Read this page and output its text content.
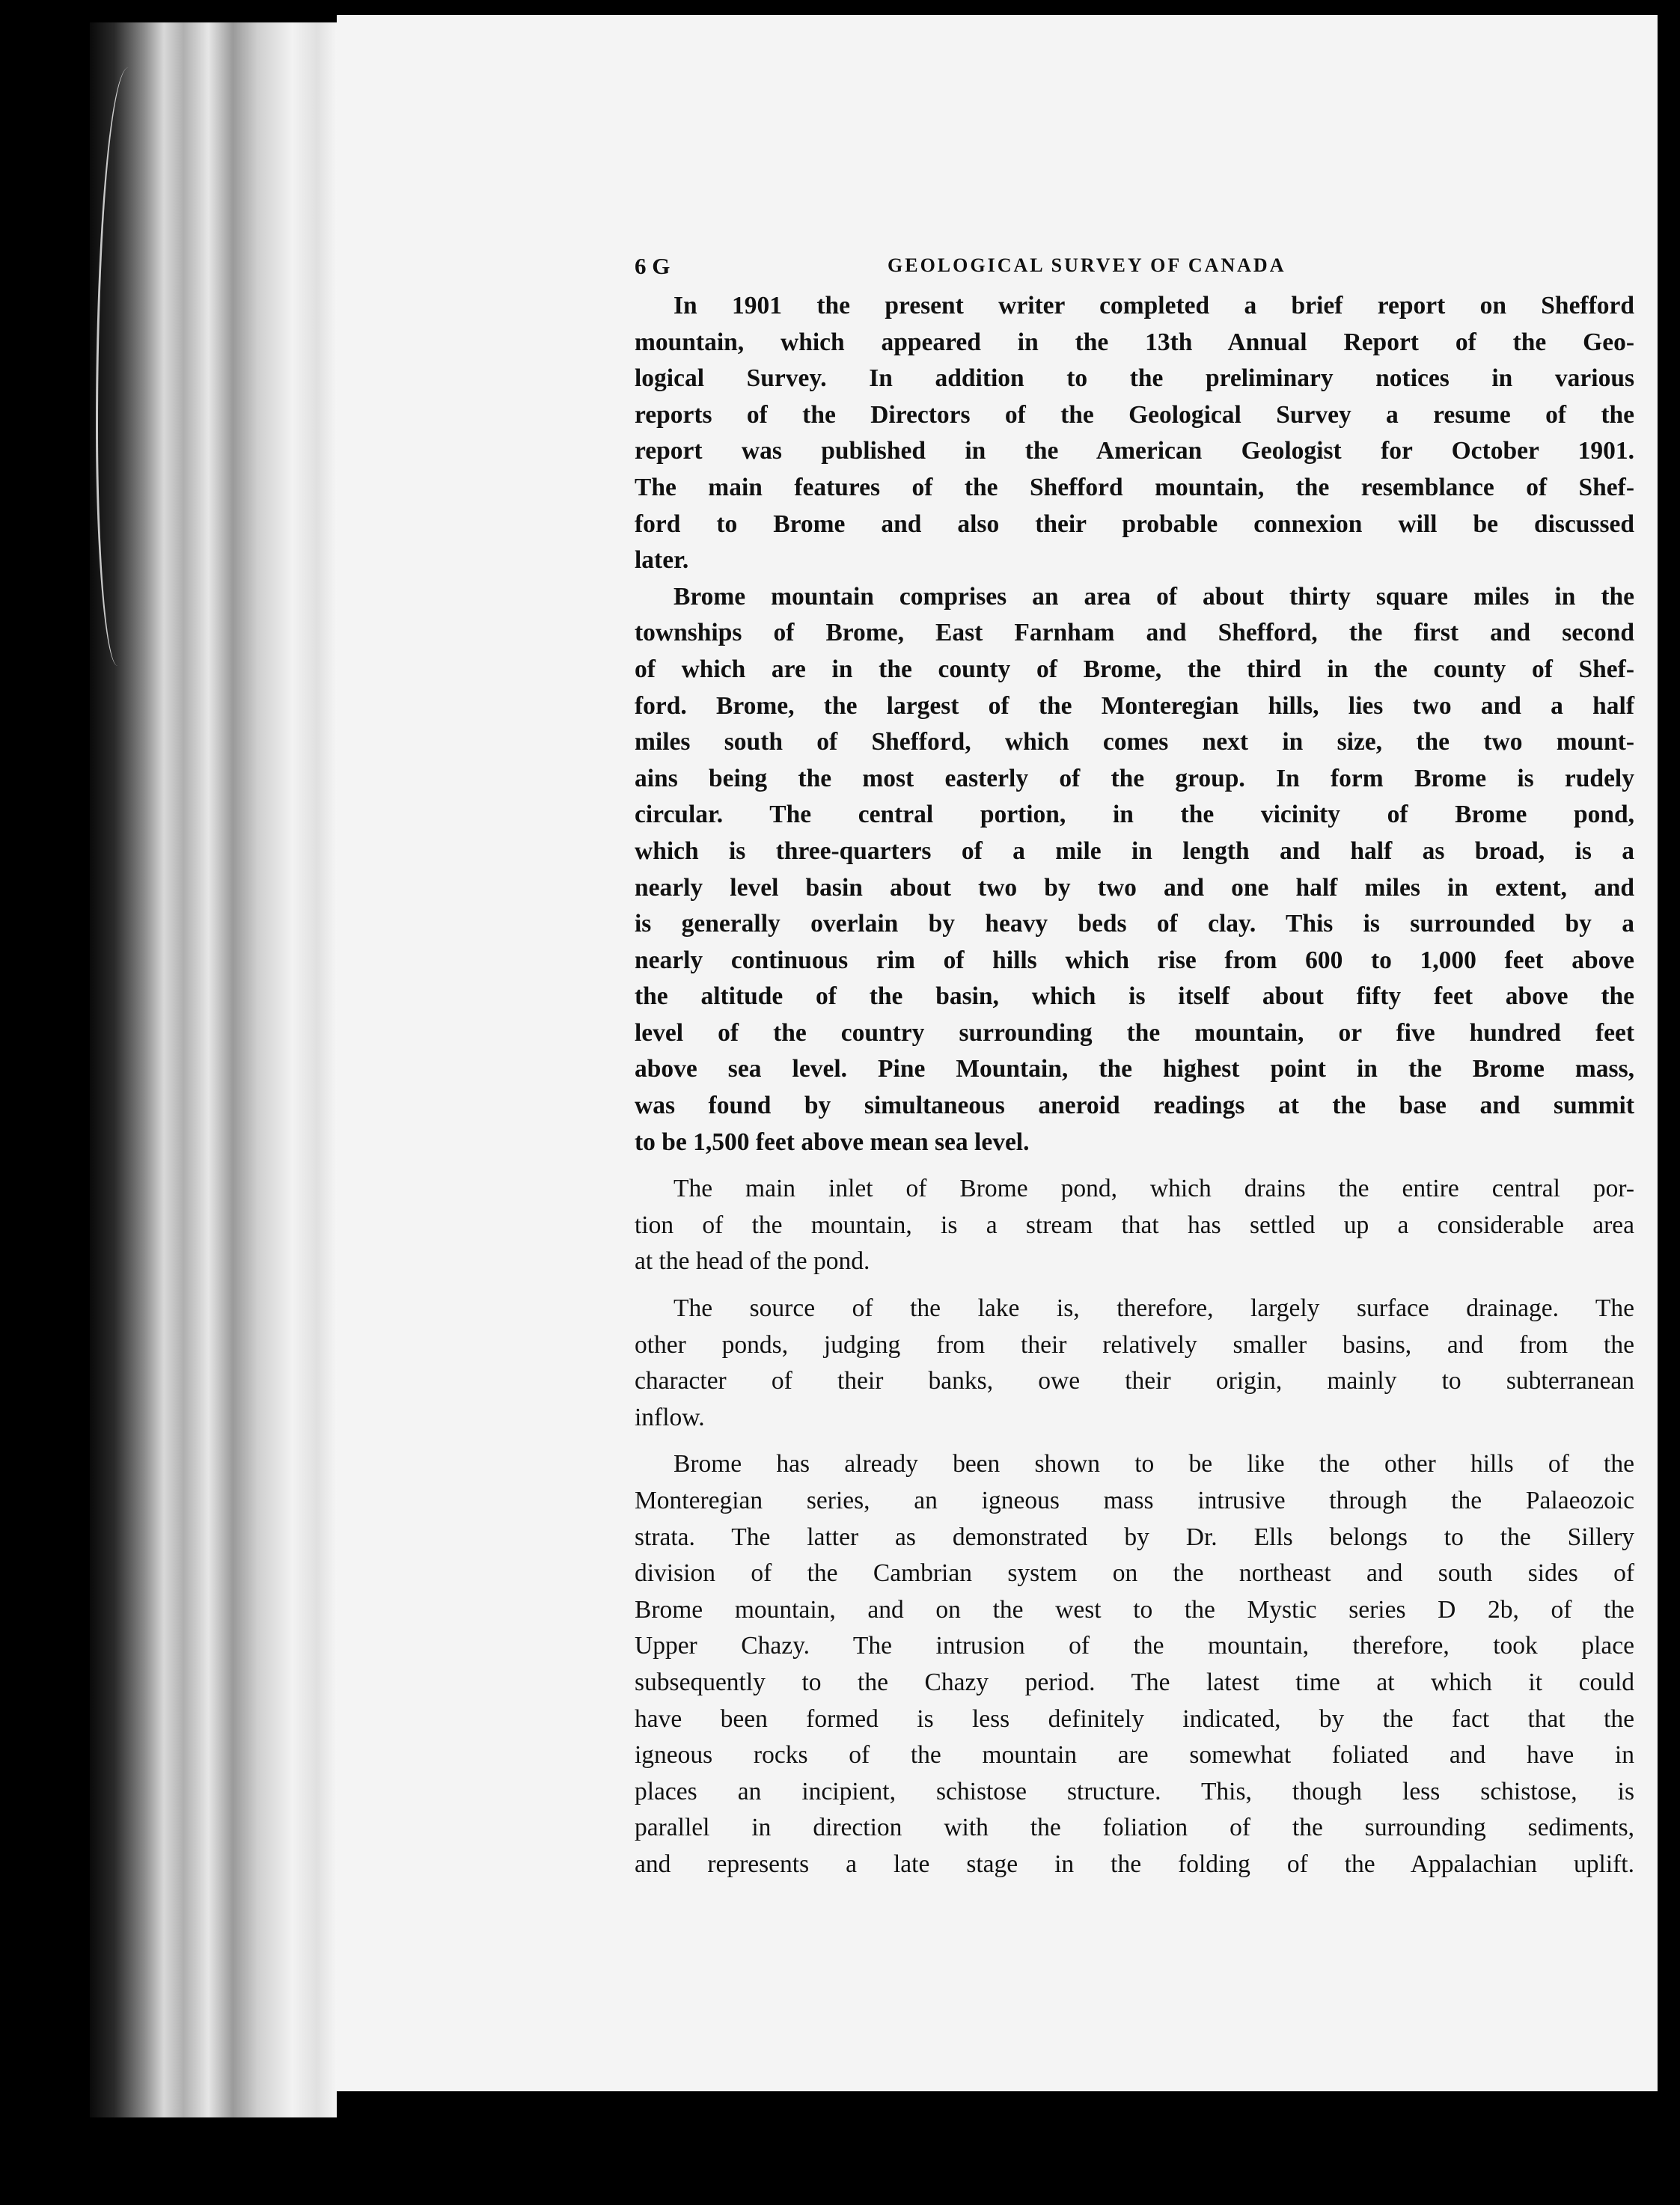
6 G	GEOLOGICAL SURVEY OF CANADA

In 1901 the present writer completed a brief report on Shefford
mountain, which appeared in the 13th Annual Report of the Geo-
logical Survey. In addition to the preliminary notices in various
reports of the Directors of the Geological Survey a resume of the
report was published in the American Geologist for October 1901.
The main features of the Shefford mountain, the resemblance of Shef-
ford to Brome and also their probable connexion will be discussed
later.

Brome mountain comprises an area of about thirty square miles in the
townships of Brome, East Farnham and Shefford, the first and second
of which are in the county of Brome, the third in the county of Shef-
ford. Brome, the largest of the Monteregian hills, lies two and a half
miles south of Shefford, which comes next in size, the two mount-
ains being the most easterly of the group. In form Brome is rudely
circular. The central portion, in the vicinity of Brome pond,
which is three-quarters of a mile in length and half as broad, is a
nearly level basin about two by two and one half miles in extent, and
is generally overlain by heavy beds of clay. This is surrounded by a
nearly continuous rim of hills which rise from 600 to 1,000 feet above
the altitude of the basin, which is itself about fifty feet above the
level of the country surrounding the mountain, or five hundred feet
above sea level. Pine Mountain, the highest point in the Brome mass,
was found by simultaneous aneroid readings at the base and summit
to be 1,500 feet above mean sea level.

The main inlet of Brome pond, which drains the entire central por-
tion of the mountain, is a stream that has settled up a considerable area
at the head of the pond.

The source of the lake is, therefore, largely surface drainage. The
other ponds, judging from their relatively smaller basins, and from the
character of their banks, owe their origin, mainly to subterranean
inflow.

Brome has already been shown to be like the other hills of the
Monteregian series, an igneous mass intrusive through the Palaeozoic
strata. The latter as demonstrated by Dr. Ells belongs to the Sillery
division of the Cambrian system on the northeast and south sides of
Brome mountain, and on the west to the Mystic series D 2b, of the
Upper Chazy. The intrusion of the mountain, therefore, took place
subsequently to the Chazy period. The latest time at which it could
have been formed is less definitely indicated, by the fact that the
igneous rocks of the mountain are somewhat foliated and have in
places an incipient, schistose structure. This, though less schistose, is
parallel in direction with the foliation of the surrounding sediments,
and represents a late stage in the folding of the Appalachian uplift.
